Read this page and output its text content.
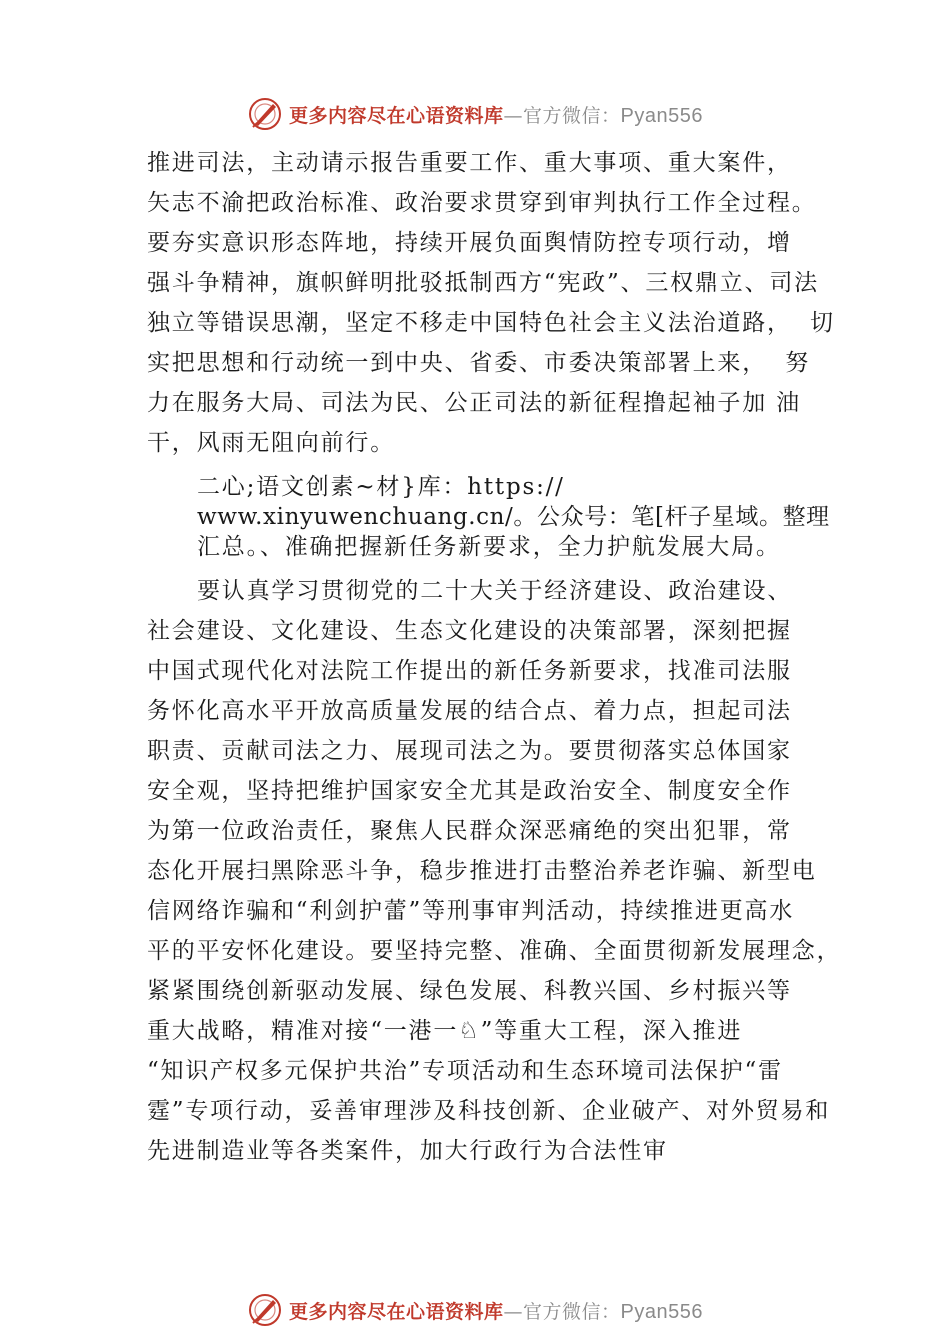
更多内容尽在心语资料库—官方微信：Pyan556
推进司法，主动请示报告重要工作、重大事项、重大案件，
矢志不渝把政治标准、政治要求贯穿到审判执行工作全过程。
要夯实意识形态阵地，持续开展负面舆情防控专项行动，增
强斗争精神，旗帜鲜明批驳抵制西方“宪政”、三权鼎立、司法
独立等错误思潮，坚定不移走中国特色社会主义法治道路，  切
实把思想和行动统一到中央、省委、市委决策部署上来，  努
力在服务大局、司法为民、公正司法的新征程撸起袖子加 油
干，风雨无阻向前行。
二心;语文创素~材}库：https://
www.xinyuwenchuang.cn/。公众号：笔[杆子星域。整理
汇总。、准确把握新任务新要求，全力护航发展大局。
要认真学习贯彻党的二十大关于经济建设、政治建设、
社会建设、文化建设、生态文化建设的决策部署，深刻把握
中国式现代化对法院工作提出的新任务新要求，找准司法服
务怀化高水平开放高质量发展的结合点、着力点，担起司法
职责、贡献司法之力、展现司法之为。要贯彻落实总体国家
安全观，坚持把维护国家安全尤其是政治安全、制度安全作
为第一位政治责任，聚焦人民群众深恶痛绝的突出犯罪，常
态化开展扫黑除恶斗争，稳步推进打击整治养老诈骗、新型电
信网络诈骗和“利剑护蕾”等刑事审判活动，持续推进更高水
平的平安怀化建设。要坚持完整、准确、全面贯彻新发展理念，
紧紧围绕创新驱动发展、绿色发展、科教兴国、乡村振兴等
重大战略，精准对接“一港一♘”等重大工程，深入推进
“知识产权多元保护共治”专项活动和生态环境司法保护“雷
霆”专项行动，妥善审理涉及科技创新、企业破产、对外贸易和
先进制造业等各类案件，加大行政行为合法性审
更多内容尽在心语资料库—官方微信：Pyan556
